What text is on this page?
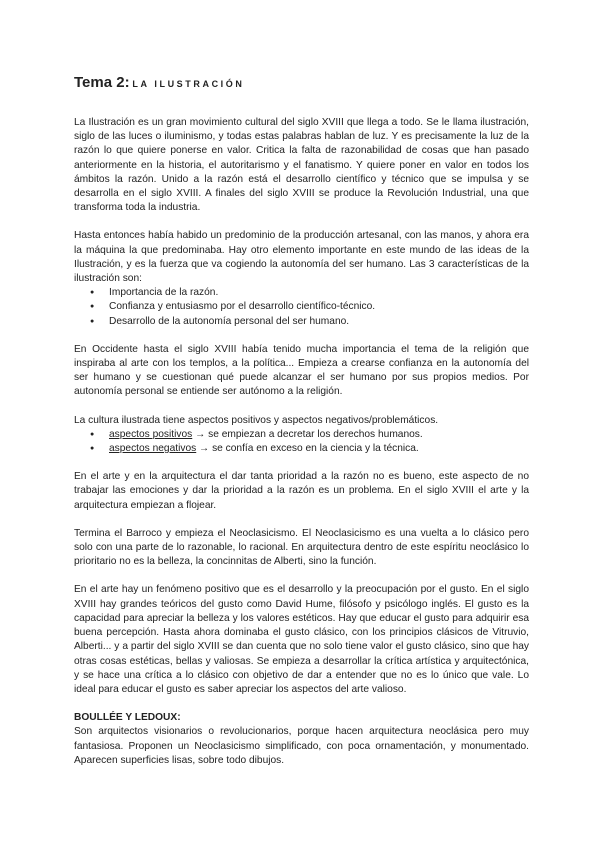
Tema 2: LA ILUSTRACIÓN

La Ilustración es un gran movimiento cultural del siglo XVIII que llega a todo. Se le llama ilustración, siglo de las luces o iluminismo, y todas estas palabras hablan de luz. Y es precisamente la luz de la razón lo que quiere ponerse en valor. Critica la falta de razonabilidad de cosas que han pasado anteriormente en la historia, el autoritarismo y el fanatismo. Y quiere poner en valor en todos los ámbitos la razón. Unido a la razón está el desarrollo científico y técnico que se impulsa y se desarrolla en el siglo XVIII. A finales del siglo XVIII se produce la Revolución Industrial, una que transforma toda la industria.

Hasta entonces había habido un predominio de la producción artesanal, con las manos, y ahora era la máquina la que predominaba. Hay otro elemento importante en este mundo de las ideas de la Ilustración, y es la fuerza que va cogiendo la autonomía del ser humano. Las 3 características de la ilustración son:

● Importancia de la razón.
● Confianza y entusiasmo por el desarrollo científico-técnico.
● Desarrollo de la autonomía personal del ser humano.

En Occidente hasta el siglo XVIII había tenido mucha importancia el tema de la religión que inspiraba al arte con los templos, a la política... Empieza a crearse confianza en la autonomía del ser humano y se cuestionan qué puede alcanzar el ser humano por sus propios medios. Por autonomía personal se entiende ser autónomo a la religión.

La cultura ilustrada tiene aspectos positivos y aspectos negativos/problemáticos.

● aspectos positivos → se empiezan a decretar los derechos humanos.
● aspectos negativos → se confía en exceso en la ciencia y la técnica.

En el arte y en la arquitectura el dar tanta prioridad a la razón no es bueno, este aspecto de no trabajar las emociones y dar la prioridad a la razón es un problema. En el siglo XVIII el arte y la arquitectura empiezan a flojear.

Termina el Barroco y empieza el Neoclasicismo. El Neoclasicismo es una vuelta a lo clásico pero solo con una parte de lo razonable, lo racional. En arquitectura dentro de este espíritu neoclásico lo prioritario no es la belleza, la concinnitas de Alberti, sino la función.

En el arte hay un fenómeno positivo que es el desarrollo y la preocupación por el gusto. En el siglo XVIII hay grandes teóricos del gusto como David Hume, filósofo y psicólogo inglés. El gusto es la capacidad para apreciar la belleza y los valores estéticos. Hay que educar el gusto para adquirir esa buena percepción. Hasta ahora dominaba el gusto clásico, con los principios clásicos de Vitruvio, Alberti... y a partir del siglo XVIII se dan cuenta que no solo tiene valor el gusto clásico, sino que hay otras cosas estéticas, bellas y valiosas. Se empieza a desarrollar la crítica artística y arquitectónica, y se hace una crítica a lo clásico con objetivo de dar a entender que no es lo único que vale. Lo ideal para educar el gusto es saber apreciar los aspectos del arte valioso.

BOULLÉE Y LEDOUX:

Son arquitectos visionarios o revolucionarios, porque hacen arquitectura neoclásica pero muy fantasiosa. Proponen un Neoclasicismo simplificado, con poca ornamentación, y monumentado. Aparecen superficies lisas, sobre todo dibujos.
